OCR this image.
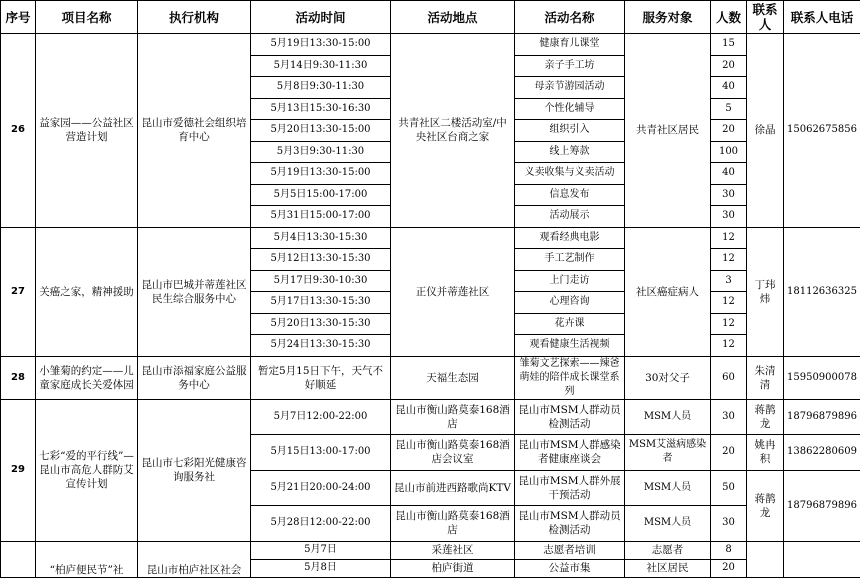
序号	项目名称	执行机构	活动时间	活动地点	活动名称	服务对象	人数	联系人	联系人电话
26	益家园——公益社区营造计划	昆山市爱德社会组织培育中心	5月19日13:30-15:00	共青社区二楼活动室/中央社区台商之家	健康育儿课堂	共青社区居民	15	徐晶	15062675856
			5月14日9:30-11:30		亲子手工坊		20		
			5月8日9:30-11:30		母亲节游园活动		40		
			5月13日15:30-16:30		个性化辅导		5		
			5月20日13:30-15:00		组织引入		20		
			5月3日9:30-11:30		线上筹款		100		
			5月19日13:30-15:00		义卖收集与义卖活动		40		
			5月5日15:00-17:00		信息发布		30		
			5月31日15:00-17:00		活动展示		30		
27	关癌之家，精神援助	昆山市巴城并蒂莲社区民生综合服务中心	5月4日13:30-15:30	正仪并蒂莲社区	观看经典电影	社区癌症病人	12	丁玮炜	18112636325
			5月12日13:30-15:30		手工艺制作		12		
			5月17日9:30-10:30		上门走访		3		
			5月17日13:30-15:30		心理咨询		12		
			5月20日13:30-15:30		花卉课		12		
			5月24日13:30-15:30		观看健康生活视频		12		
28	小雏菊的约定——儿童家庭成长关爱体园	昆山市添福家庭公益服务中心	暂定5月15日下午，天气不好顺延	天福生态园	雏菊文艺探索——辣爸萌娃的陪伴成长课堂系列	30对父子	60	朱清清	15950900078
29	七彩“爱的平行线”—昆山市高危人群防艾宣传计划	昆山市七彩阳光健康咨询服务社	5月7日12:00-22:00	昆山市衡山路莫泰168酒店	昆山市MSM人群动员检测活动	MSM人员	30	蒋鹊龙	18796879896
			5月15日13:00-17:00	昆山市衡山路莫泰168酒店会议室	昆山市MSM人群感染者健康座谈会	MSM艾滋病感染者	20	姚冉积	13862280609
			5月21日20:00-24:00	昆山市前进西路歌尚KTV	昆山市MSM人群外展干预活动	MSM人员	50	蒋鹊龙	18796879896
			5月28日12:00-22:00	昆山市衡山路莫泰168酒店	昆山市MSM人群动员检测活动	MSM人员	30		
	“柏庐便民节”社	昆山市柏庐社区社会	5月7日	采莲社区	志愿者培训	志愿者	8		
			5月8日	柏庐街道	公益市集	社区居民	20		
